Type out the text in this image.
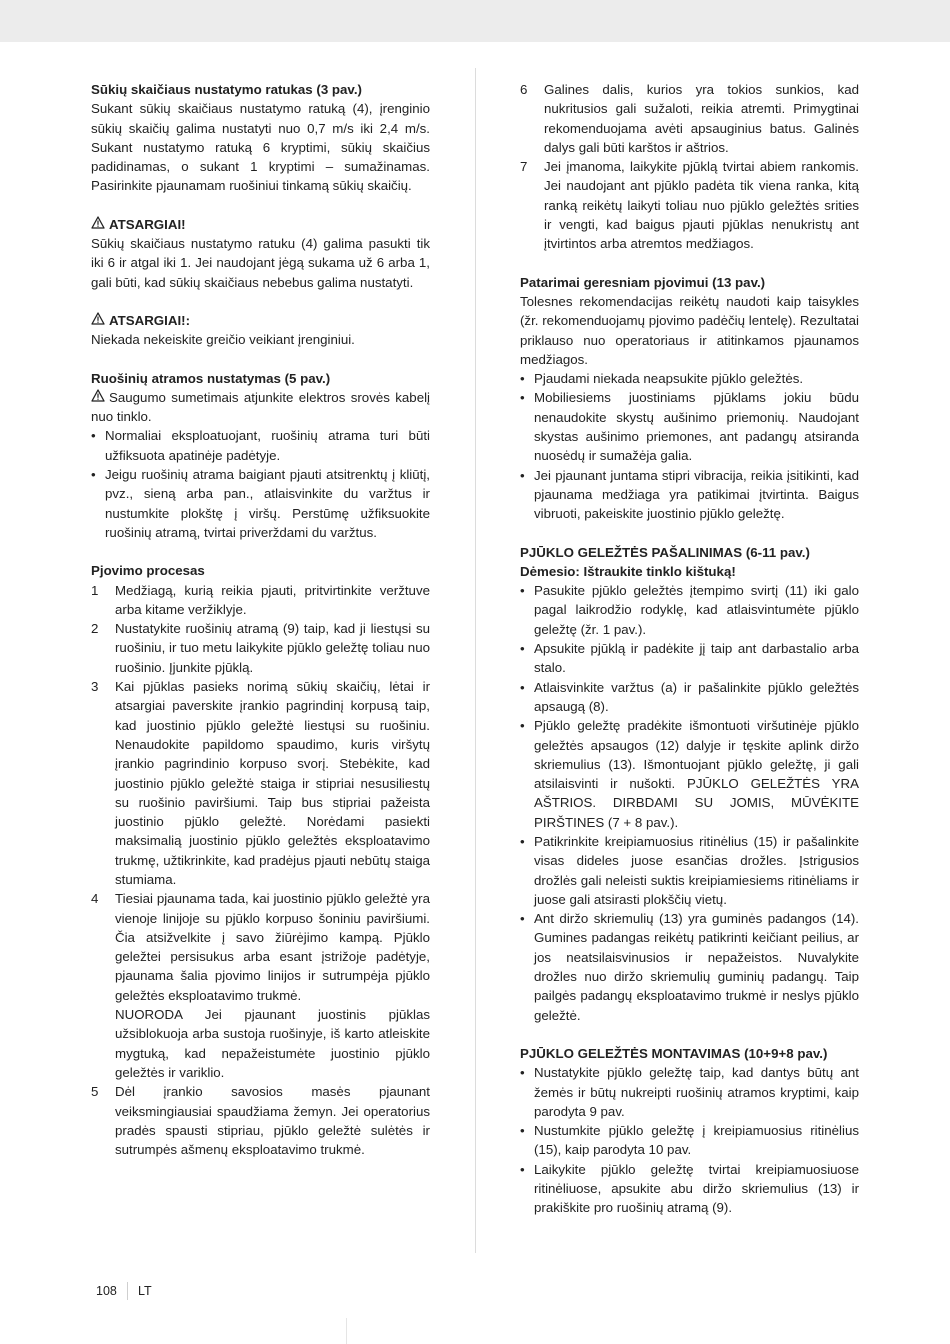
Sūkių skaičiaus nustatymo ratukas (3 pav.)

Sukant sūkių skaičiaus nustatymo ratuką (4), įrenginio sūkių skaičių galima nustatyti nuo 0,7 m/s iki 2,4 m/s. Sukant nustatymo ratuką 6 kryptimi, sūkių skaičius padidinamas, o sukant 1 kryptimi – sumažinamas. Pasirinkite pjaunamam ruošiniui tinkamą sūkių skaičių.

ATSARGIAI!

Sūkių skaičiaus nustatymo ratuku (4) galima pasukti tik iki 6 ir atgal iki 1. Jei naudojant jėgą sukama už 6 arba 1, gali būti, kad sūkių skaičiaus nebebus galima nustatyti.

ATSARGIAI!:

Niekada nekeiskite greičio veikiant įrenginiui.

Ruošinių atramos nustatymas (5 pav.)

Saugumo sumetimais atjunkite elektros srovės kabelį nuo tinklo.

• Normaliai eksploatuojant, ruošinių atrama turi būti užfiksuota apatinėje padėtyje.

• Jeigu ruošinių atrama baigiant pjauti atsitrenktų į kliūtį, pvz., sieną arba pan., atlaisvinkite du varžtus ir nustumkite plokštę į viršų. Perstūmę užfiksuokite ruošinių atramą, tvirtai priverždami du varžtus.

Pjovimo procesas

1 Medžiagą, kurią reikia pjauti, pritvirtinkite veržtuve arba kitame veržiklyje.

2 Nustatykite ruošinių atramą (9) taip, kad ji liestųsi su ruošiniu, ir tuo metu laikykite pjūklo geležtę toliau nuo ruošinio. Įjunkite pjūklą.

3 Kai pjūklas pasieks norimą sūkių skaičių, lėtai ir atsargiai paverskite įrankio pagrindinį korpusą taip, kad juostinio pjūklo geležtė liestųsi su ruošiniu. Nenaudokite papildomo spaudimo, kuris viršytų įrankio pagrindinio korpuso svorį. Stebėkite, kad juostinio pjūklo geležtė staiga ir stipriai nesusiliestų su ruošinio paviršiumi. Taip bus stipriai pažeista juostinio pjūklo geležtė. Norėdami pasiekti maksimalią juostinio pjūklo geležtės eksploatavimo trukmę, užtikrinkite, kad pradėjus pjauti nebūtų staiga stumiama.

4 Tiesiai pjaunama tada, kai juostinio pjūklo geležtė yra vienoje linijoje su pjūklo korpuso šoniniu paviršiumi. Čia atsižvelkite į savo žiūrėjimo kampą. Pjūklo geležtei persisukus arba esant įstrižoje padėtyje, pjaunama šalia pjovimo linijos ir sutrumpėja pjūklo geležtės eksploatavimo trukmė.

NUORODA Jei pjaunant juostinis pjūklas užsiblokuoja arba sustoja ruošinyje, iš karto atleiskite mygtuką, kad nepažeistumėte juostinio pjūklo geležtės ir variklio.

5 Dėl įrankio savosios masės pjaunant veiksmingiausiai spaudžiama žemyn. Jei operatorius pradės spausti stipriau, pjūklo geležtė sulėtės ir sutrumpės ašmenų eksploatavimo trukmė.

6 Galines dalis, kurios yra tokios sunkios, kad nukritusios gali sužaloti, reikia atremti. Primygtinai rekomenduojama avėti apsauginius batus. Galinės dalys gali būti karštos ir aštrios.

7 Jei įmanoma, laikykite pjūklą tvirtai abiem rankomis. Jei naudojant ant pjūklo padėta tik viena ranka, kitą ranką reikėtų laikyti toliau nuo pjūklo geležtės srities ir vengti, kad baigus pjauti pjūklas nenukristų ant įtvirtintos arba atremtos medžiagos.

Patarimai geresniam pjovimui (13 pav.)

Tolesnes rekomendacijas reikėtų naudoti kaip taisykles (žr. rekomenduojamų pjovimo padėčių lentelę). Rezultatai priklauso nuo operatoriaus ir atitinkamos pjaunamos medžiagos.

• Pjaudami niekada neapsukite pjūklo geležtės.

• Mobiliesiems juostiniams pjūklams jokiu būdu nenaudokite skystų aušinimo priemonių. Naudojant skystas aušinimo priemones, ant padangų atsiranda nuosėdų ir sumažėja galia.

• Jei pjaunant juntama stipri vibracija, reikia įsitikinti, kad pjaunama medžiaga yra patikimai įtvirtinta. Baigus vibruoti, pakeiskite juostinio pjūklo geležtę.

PJŪKLO GELEŽTĖS PAŠALINIMAS (6-11 pav.)

Dėmesio: Ištraukite tinklo kištuką!

• Pasukite pjūklo geležtės įtempimo svirtį (11) iki galo pagal laikrodžio rodyklę, kad atlaisvintumėte pjūklo geležtę (žr. 1 pav.).

• Apsukite pjūklą ir padėkite jį taip ant darbastalio arba stalo.

• Atlaisvinkite varžtus (a) ir pašalinkite pjūklo geležtės apsaugą (8).

• Pjūklo geležtę pradėkite išmontuoti viršutinėje pjūklo geležtės apsaugos (12) dalyje ir tęskite aplink diržo skriemulius (13). Išmontuojant pjūklo geležtę, ji gali atsilaisvinti ir nušokti. PJŪKLO GELEŽTĖS YRA AŠTRIOS. DIRBDAMI SU JOMIS, MŪVĖKITE PIRŠTINES (7 + 8 pav.).

• Patikrinkite kreipiamuosius ritinėlius (15) ir pašalinkite visas dideles juose esančias drožles. Įstrigusios drožlės gali neleisti suktis kreipiamiesiems ritinėliams ir juose gali atsirasti plokščių vietų.

• Ant diržo skriemulių (13) yra guminės padangos (14). Gumines padangas reikėtų patikrinti keičiant peilius, ar jos neatsilaisvinusios ir nepažeistos. Nuvalykite drožles nuo diržo skriemulių guminių padangų. Taip pailgės padangų eksploatavimo trukmė ir neslys pjūklo geležtė.

PJŪKLO GELEŽTĖS MONTAVIMAS (10+9+8 pav.)

• Nustatykite pjūklo geležtę taip, kad dantys būtų ant žemės ir būtų nukreipti ruošinių atramos kryptimi, kaip parodyta 9 pav.

• Nustumkite pjūklo geležtę į kreipiamuosius ritinėlius (15), kaip parodyta 10 pav.

• Laikykite pjūklo geležtę tvirtai kreipiamuosiuose ritinėliuose, apsukite abu diržo skriemulius (13) ir prakiškite pro ruošinių atramą (9).

108 LT
